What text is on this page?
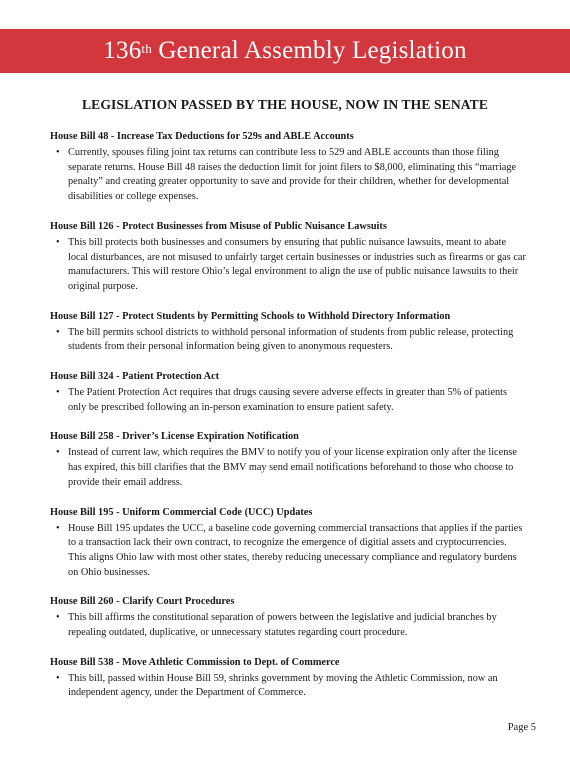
136th
General Assembly Legislation
LEGISLATION PASSED BY THE HOUSE, NOW IN THE SENATE
House Bill 48 - Increase Tax Deductions for 529s and ABLE Accounts
• Currently, spouses filing joint tax returns can contribute less to 529 and ABLE accounts than those filing separate returns. House Bill 48 raises the deduction limit for joint filers to $8,000, eliminating this “marriage penalty” and creating greater opportunity to save and provide for their children, whether for developmental disabilities or college expenses.
House Bill 126 - Protect Businesses from Misuse of Public Nuisance Lawsuits
• This bill protects both businesses and consumers by ensuring that public nuisance lawsuits, meant to abate local disturbances, are not misused to unfairly target certain businesses or industries such as firearms or gas car manufacturers. This will restore Ohio’s legal environment to align the use of public nuisance lawsuits to their original purpose.
House Bill 127 - Protect Students by Permitting Schools to Withhold Directory Information
• The bill permits school districts to withhold personal information of students from public release, protecting students from their personal information being given to anonymous requesters.
House Bill 324 - Patient Protection Act
• The Patient Protection Act requires that drugs causing severe adverse effects in greater than 5% of patients only be prescribed following an in-person examination to ensure patient safety.
House Bill 258 - Driver’s License Expiration Notification
• Instead of current law, which requires the BMV to notify you of your license expiration only after the license has expired, this bill clarifies that the BMV may send email notifications beforehand to those who choose to provide their email address.
House Bill 195 - Uniform Commercial Code (UCC) Updates
• House Bill 195 updates the UCC, a baseline code governing commercial transactions that applies if the parties to a transaction lack their own contract, to recognize the emergence of digitial assets and cryptocurrencies. This aligns Ohio law with most other states, thereby reducing unecessary compliance and regulatory burdens on Ohio businesses.
House Bill 260 - Clarify Court Procedures
• This bill affirms the constitutional separation of powers between the legislative and judicial branches by repealing outdated, duplicative, or unnecessary statutes regarding court procedure.
House Bill 538 - Move Athletic Commission to Dept. of Commerce
• This bill, passed within House Bill 59, shrinks government by moving the Athletic Commission, now an independent agency, under the Department of Commerce.
Page 5
